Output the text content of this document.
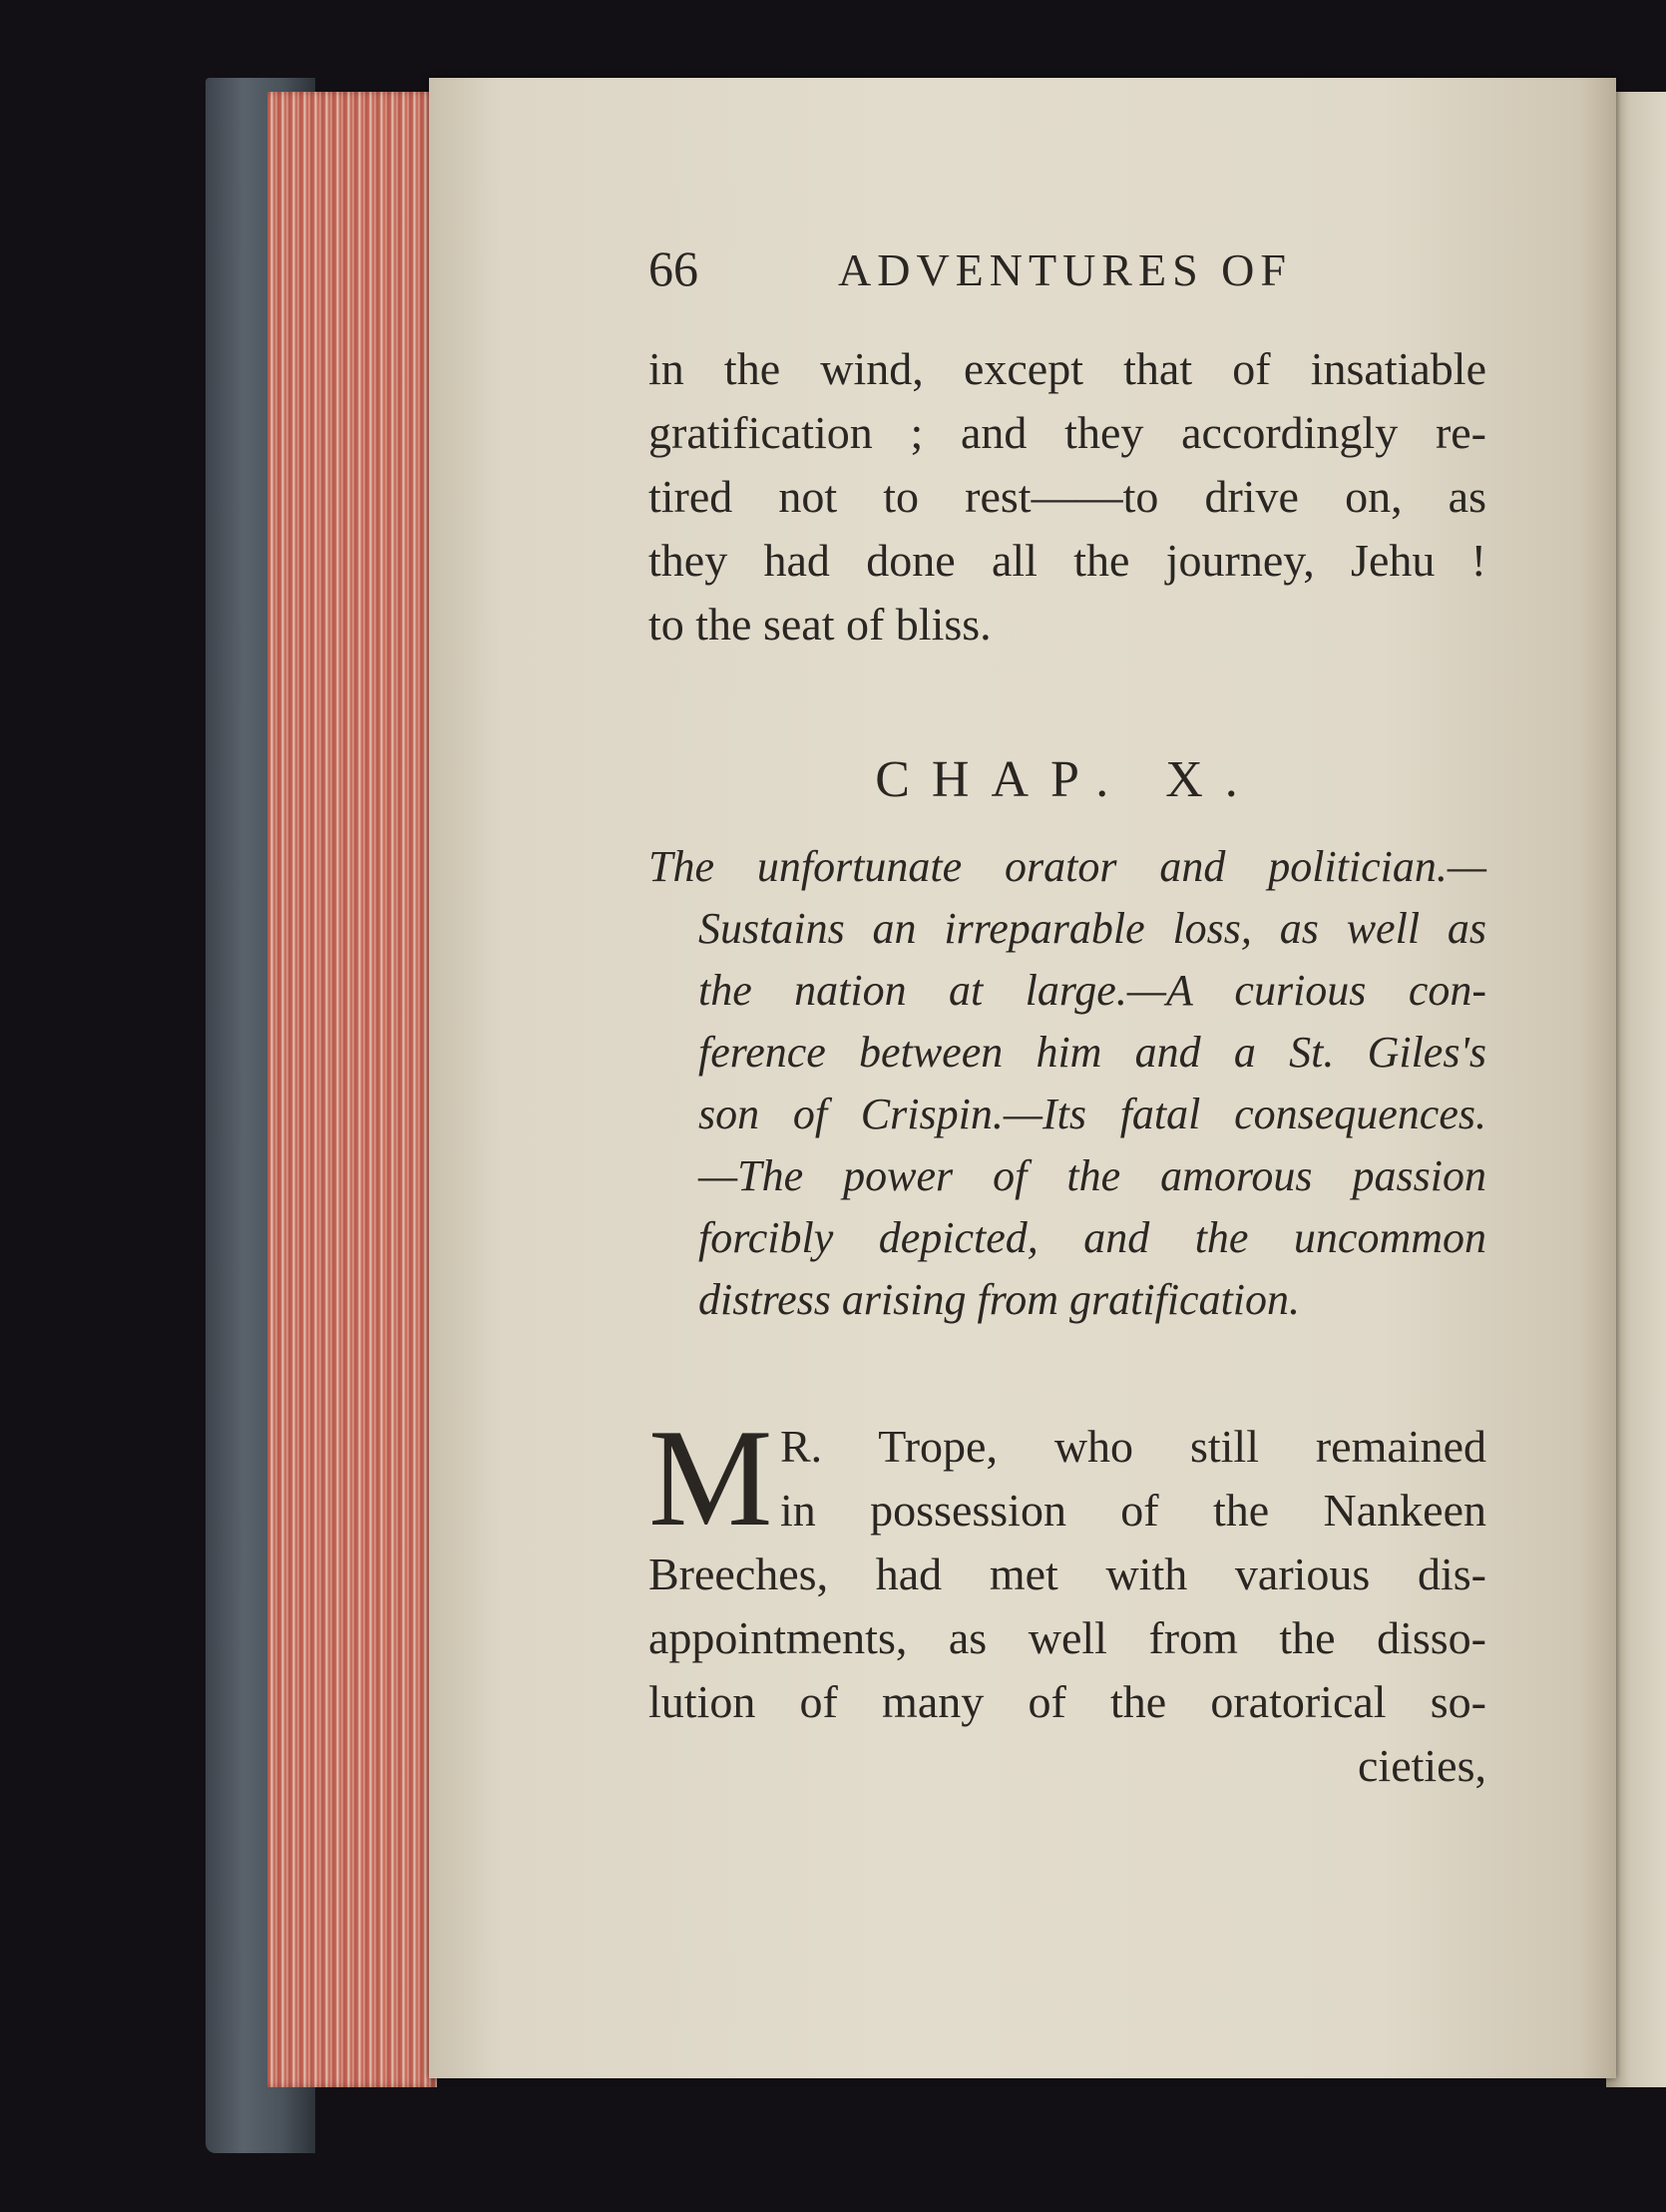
66	ADVENTURES OF
in the wind, except that of insatiable
gratification ; and they accordingly re-
tired not to rest——to drive on, as
they had done all the journey, Jehu !
to the seat of bliss.
CHAP. X.
The unfortunate orator and politician.—
Sustains an irreparable loss, as well as
the nation at large.—A curious con-
ference between him and a St. Giles's
son of Crispin.—Its fatal consequences.
—The power of the amorous passion
forcibly depicted, and the uncommon
distress arising from gratification.
M R. Trope, who still remained
in possession of the Nankeen
Breeches, had met with various dis-
appointments, as well from the disso-
lution of many of the oratorical so-
cieties,
